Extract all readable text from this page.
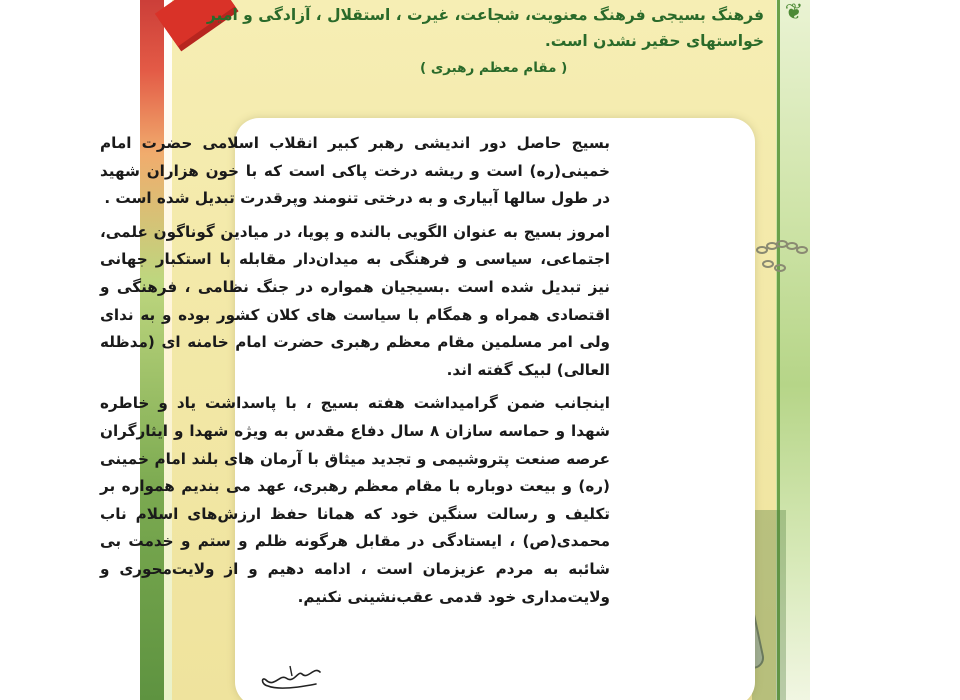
❦

فرهنگ بسیجی فرهنگ معنویت، شجاعت، غیرت ، استقلال ، آزادگی و امیر خواستهای حقیر نشدن است.

( مقام معظم رهبری )

بسیج حاصل دور اندیشی رهبر کبیر انقلاب اسلامی حضرت امام خمینی(ره) است و ریشه درخت پاکی است که با خون هزاران شهید در طول سالها آبیاری و به درختی تنومند وپرقدرت تبدیل شده است .

امروز بسیج به عنوان الگویی بالنده و پویا، در میادین گوناگون علمی، اجتماعی، سیاسی و فرهنگی به میدان‌دار مقابله با استکبار جهانی نیز تبدیل شده است .بسیجیان همواره در جنگ نظامی ، فرهنگی و اقتصادی همراه و همگام با سیاست های کلان کشور بوده و به ندای ولی امر مسلمین مقام معظم رهبری حضرت امام خامنه ای (مدظله العالی) لبیک گفته اند.

اینجانب ضمن گرامیداشت هفته بسیج ، با پاسداشت یاد و خاطره شهدا و حماسه سازان ۸ سال دفاع مقدس به ویژه شهدا و ایثارگران عرصه صنعت پتروشیمی و تجدید میثاق با آرمان های بلند امام خمینی (ره) و بیعت دوباره با مقام معظم رهبری، عهد می بندیم همواره بر تکلیف و رسالت سنگین خود که همانا حفظ ارزش‌های اسلام ناب محمدی(ص) ، ایستادگی در مقابل هرگونه ظلم و ستم و خدمت بی شائبه به مردم عزیزمان است ، ادامه دهیم و از ولایت‌محوری و ولایت‌مداری خود قدمی عقب‌نشینی نکنیم.
